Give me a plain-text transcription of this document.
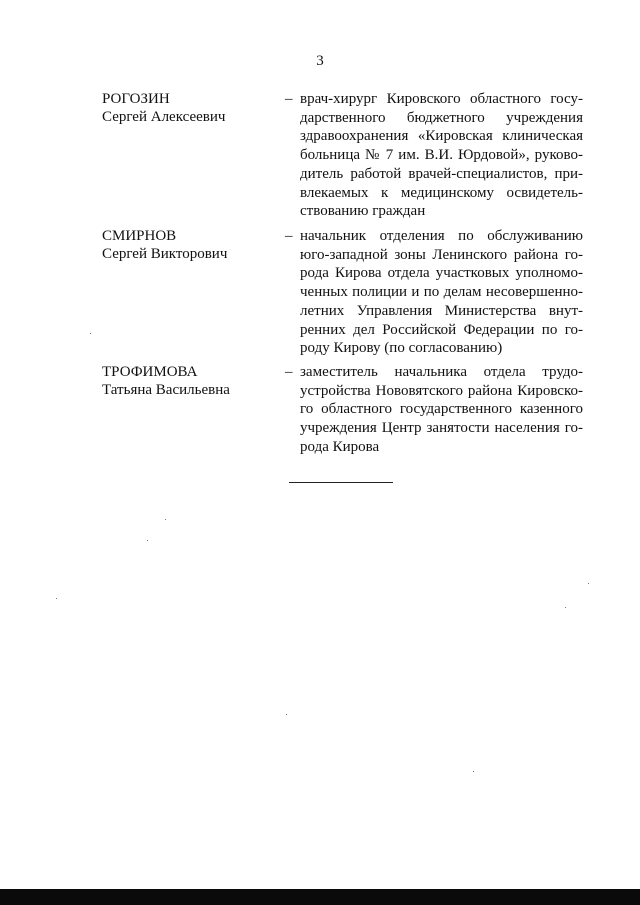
3
РОГОЗИН
Сергей Алексеевич
– врач-хирург Кировского областного госу-
дарственного бюджетного учреждения
здравоохранения «Кировская клиническая
больница № 7 им. В.И. Юрдовой», руково-
дитель работой врачей-специалистов, при-
влекаемых к медицинскому освидетель-
ствованию граждан
СМИРНОВ
Сергей Викторович
– начальник отделения по обслуживанию
юго-западной зоны Ленинского района го-
рода Кирова отдела участковых уполномо-
ченных полиции и по делам несовершенно-
летних Управления Министерства внут-
ренних дел Российской Федерации по го-
роду Кирову (по согласованию)
ТРОФИМОВА
Татьяна Васильевна
– заместитель начальника отдела трудо-
устройства Нововятского района Кировско-
го областного государственного казенного
учреждения Центр занятости населения го-
рода Кирова
